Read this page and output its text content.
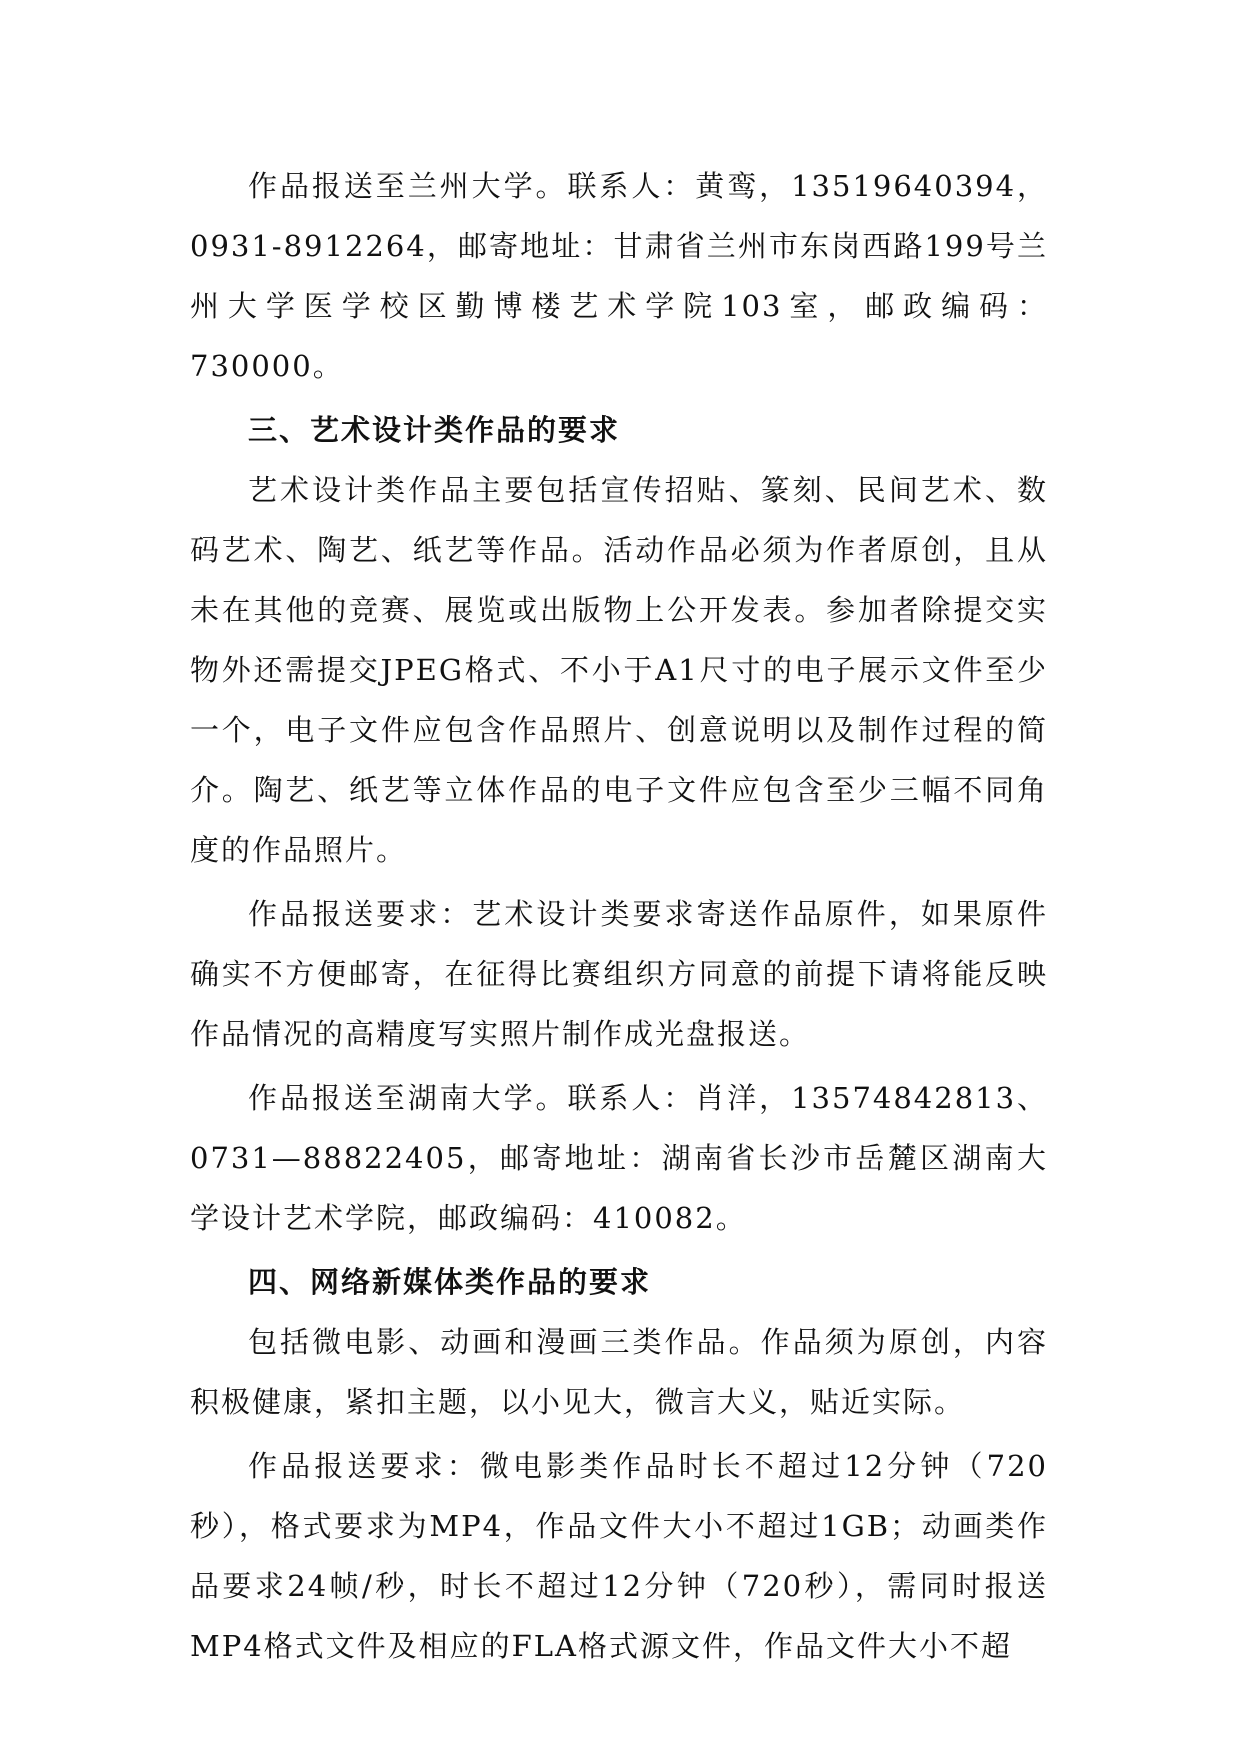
作品报送至兰州大学。联系人：黄鸾，13519640394，0931-8912264，邮寄地址：甘肃省兰州市东岗西路199号兰州大学医学校区勤博楼艺术学院103室，邮政编码：730000。

三、艺术设计类作品的要求

艺术设计类作品主要包括宣传招贴、篆刻、民间艺术、数码艺术、陶艺、纸艺等作品。活动作品必须为作者原创，且从未在其他的竞赛、展览或出版物上公开发表。参加者除提交实物外还需提交JPEG格式、不小于A1尺寸的电子展示文件至少一个，电子文件应包含作品照片、创意说明以及制作过程的简介。陶艺、纸艺等立体作品的电子文件应包含至少三幅不同角度的作品照片。

作品报送要求：艺术设计类要求寄送作品原件，如果原件确实不方便邮寄，在征得比赛组织方同意的前提下请将能反映作品情况的高精度写实照片制作成光盘报送。

作品报送至湖南大学。联系人：肖洋，13574842813、0731—88822405，邮寄地址：湖南省长沙市岳麓区湖南大学设计艺术学院，邮政编码：410082。

四、网络新媒体类作品的要求

包括微电影、动画和漫画三类作品。作品须为原创，内容积极健康，紧扣主题，以小见大，微言大义，贴近实际。

作品报送要求：微电影类作品时长不超过12分钟（720秒），格式要求为MP4，作品文件大小不超过1GB；动画类作品要求24帧/秒，时长不超过12分钟（720秒），需同时报送MP4格式文件及相应的FLA格式源文件，作品文件大小不超
